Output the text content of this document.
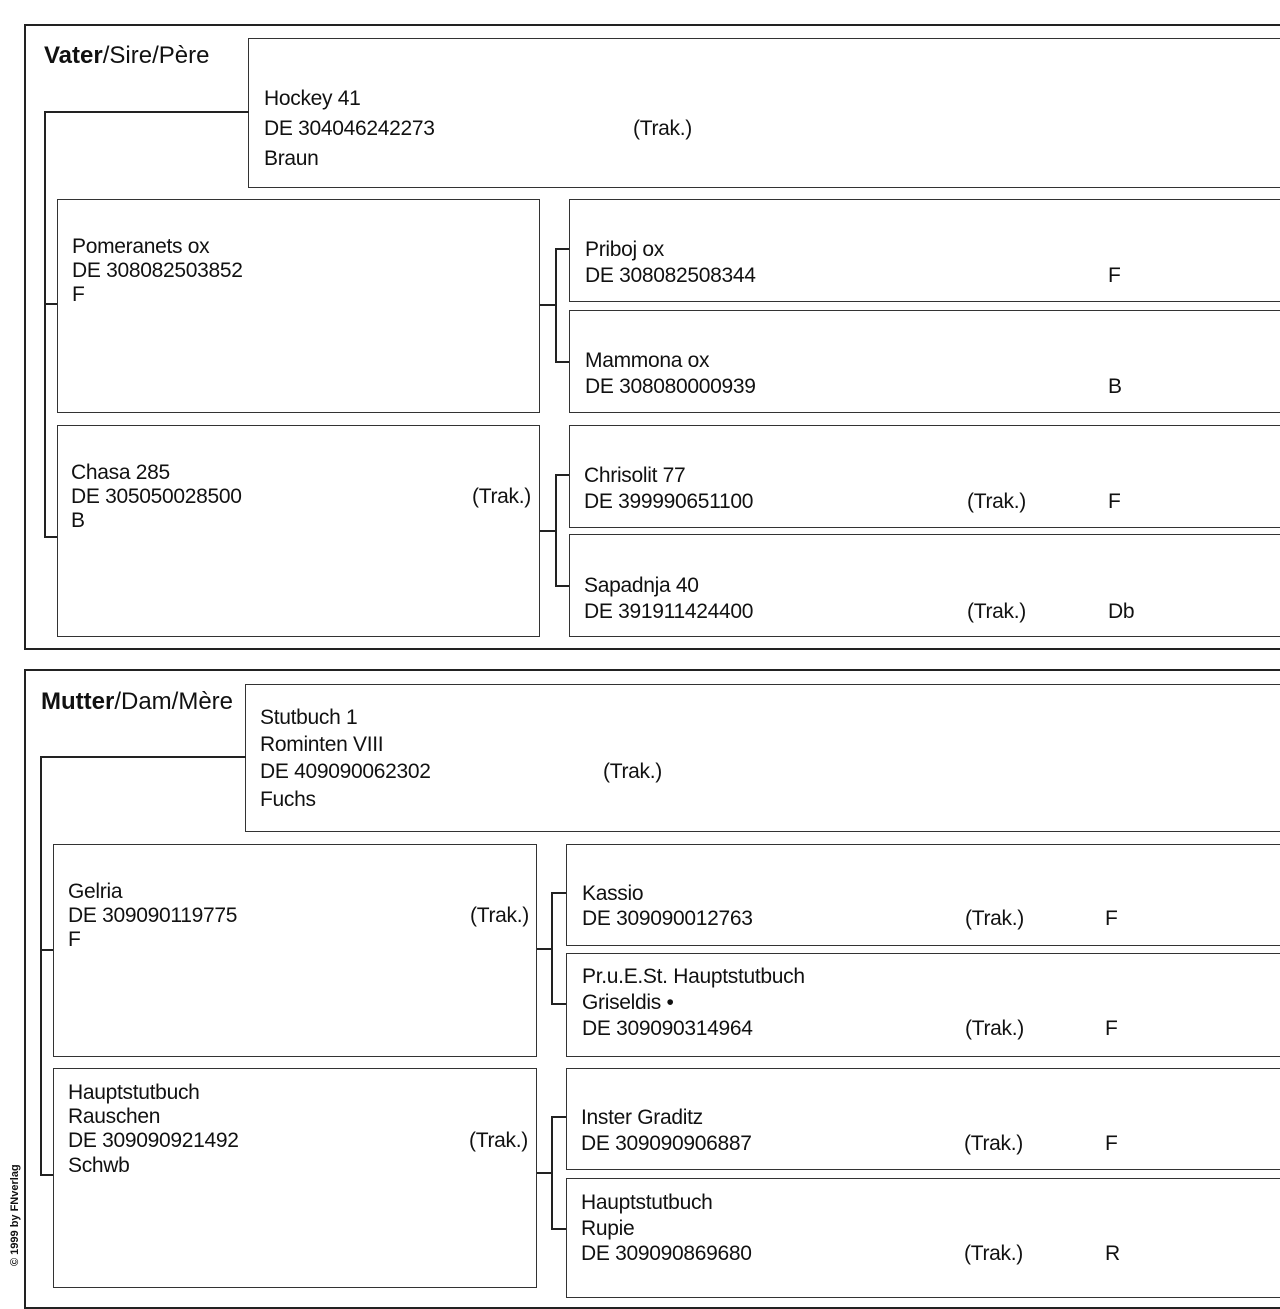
Vater/Sire/Père
Hockey 41
DE 304046242273
Braun
(Trak.)
Pomeranets ox
DE 308082503852
F
Chasa 285
DE 305050028500
B
(Trak.)
Priboj ox
DE 308082508344	F
Mammona ox
DE 308080000939	B
Chrisolit 77
DE 399990651100	(Trak.)	F
Sapadnja 40
DE 391911424400	(Trak.)	Db
Mutter/Dam/Mère
Stutbuch 1
Rominten VIII
DE 409090062302
Fuchs
(Trak.)
Gelria
DE 309090119775
F
(Trak.)
Hauptstutbuch
Rauschen
DE 309090921492
Schwb
(Trak.)
Kassio
DE 309090012763	(Trak.)	F
Pr.u.E.St. Hauptstutbuch
Griseldis •
DE 309090314964	(Trak.)	F
Inster Graditz
DE 309090906887	(Trak.)	F
Hauptstutbuch
Rupie
DE 309090869680	(Trak.)	R
© 1999 by FNverlag
